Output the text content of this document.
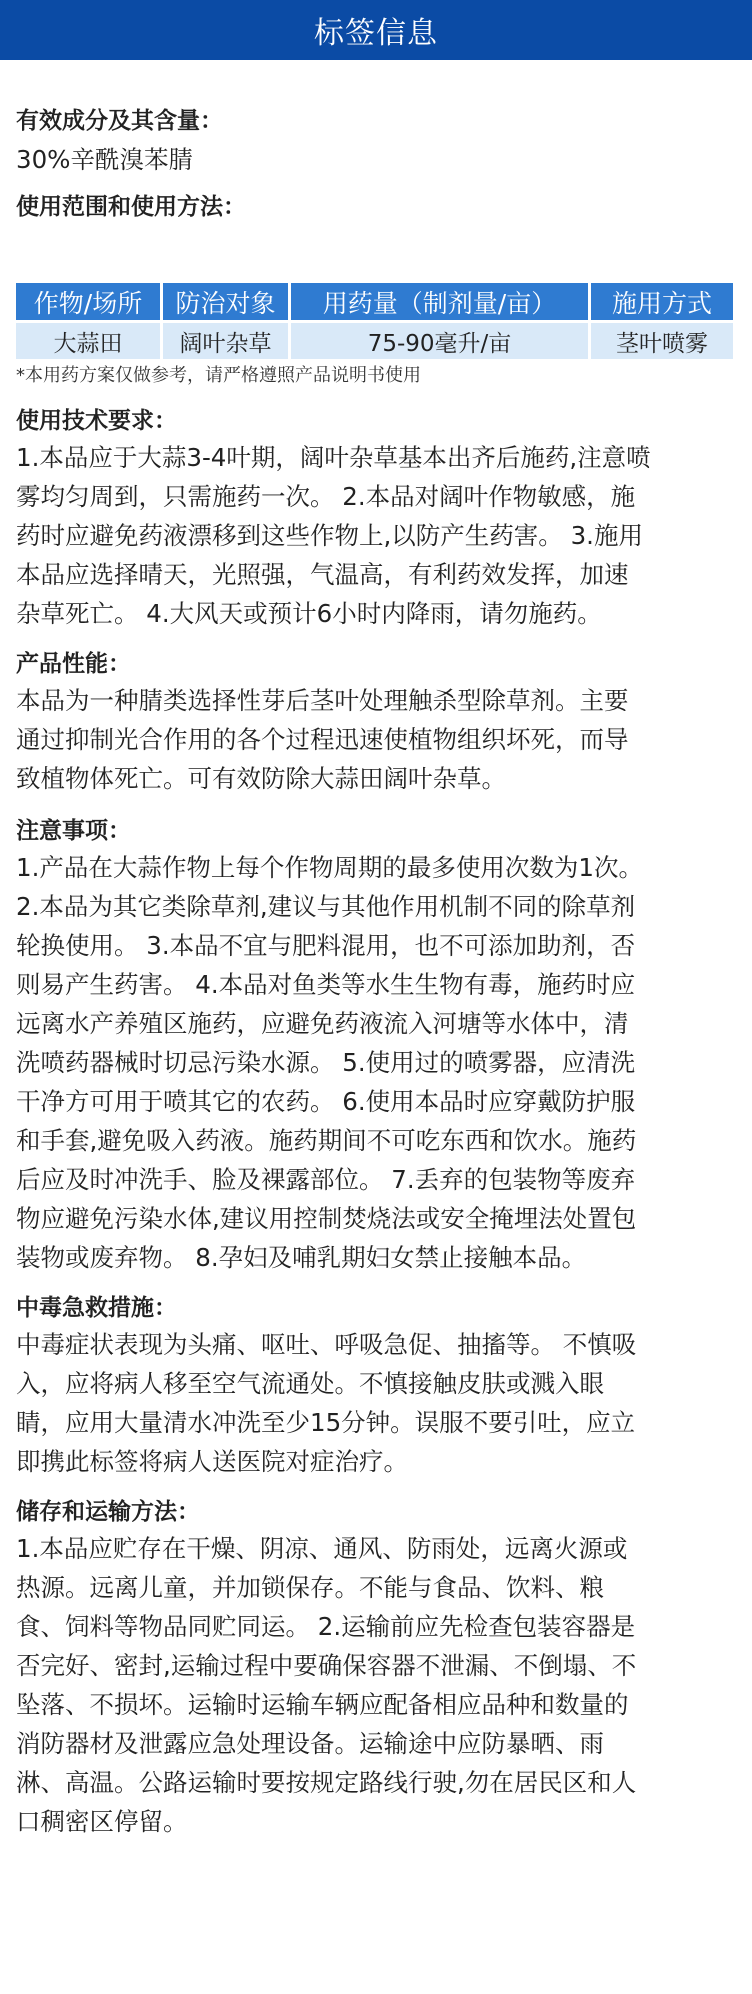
标签信息

有效成分及其含量：

30%辛酰溴苯腈

使用范围和使用方法：

作物/场所	防治对象	用药量（制剂量/亩）	施用方式
大蒜田	阔叶杂草	75-90毫升/亩	茎叶喷雾

*本用药方案仅做参考，请严格遵照产品说明书使用

使用技术要求：

1.本品应于大蒜3-4叶期，阔叶杂草基本出齐后施药,注意喷

雾均匀周到，只需施药一次。 2.本品对阔叶作物敏感，施

药时应避免药液漂移到这些作物上,以防产生药害。 3.施用

本品应选择晴天，光照强，气温高，有利药效发挥，加速

杂草死亡。 4.大风天或预计6小时内降雨，请勿施药。

产品性能：

本品为一种腈类选择性芽后茎叶处理触杀型除草剂。主要

通过抑制光合作用的各个过程迅速使植物组织坏死，而导

致植物体死亡。可有效防除大蒜田阔叶杂草。

注意事项：

1.产品在大蒜作物上每个作物周期的最多使用次数为1次。

2.本品为其它类除草剂,建议与其他作用机制不同的除草剂

轮换使用。 3.本品不宜与肥料混用，也不可添加助剂，否

则易产生药害。 4.本品对鱼类等水生生物有毒，施药时应

远离水产养殖区施药，应避免药液流入河塘等水体中，清

洗喷药器械时切忌污染水源。 5.使用过的喷雾器，应清洗

干净方可用于喷其它的农药。 6.使用本品时应穿戴防护服

和手套,避免吸入药液。施药期间不可吃东西和饮水。施药

后应及时冲洗手、脸及裸露部位。 7.丢弃的包装物等废弃

物应避免污染水体,建议用控制焚烧法或安全掩埋法处置包

装物或废弃物。 8.孕妇及哺乳期妇女禁止接触本品。

中毒急救措施：

中毒症状表现为头痛、呕吐、呼吸急促、抽搐等。 不慎吸

入，应将病人移至空气流通处。不慎接触皮肤或溅入眼

睛，应用大量清水冲洗至少15分钟。误服不要引吐，应立

即携此标签将病人送医院对症治疗。

储存和运输方法：

1.本品应贮存在干燥、阴凉、通风、防雨处，远离火源或

热源。远离儿童，并加锁保存。不能与食品、饮料、粮

食、饲料等物品同贮同运。 2.运输前应先检查包装容器是

否完好、密封,运输过程中要确保容器不泄漏、不倒塌、不

坠落、不损坏。运输时运输车辆应配备相应品种和数量的

消防器材及泄露应急处理设备。运输途中应防暴晒、雨

淋、高温。公路运输时要按规定路线行驶,勿在居民区和人

口稠密区停留。
